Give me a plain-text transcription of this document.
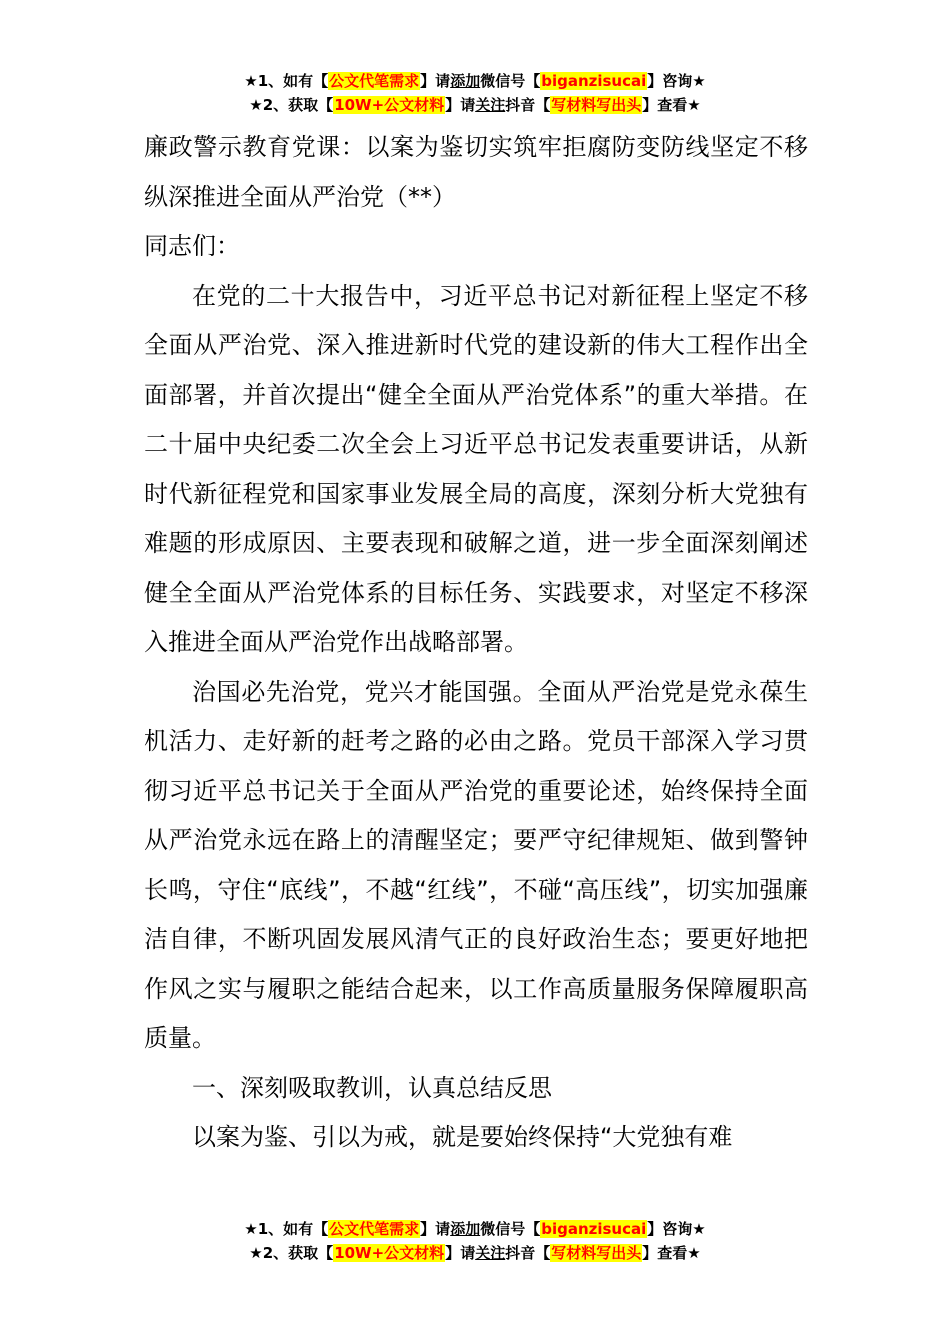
★1、如有【公文代笔需求】请添加微信号【biganzisucai】咨询★
★2、获取【10W+公文材料】请关注抖音【写材料写出头】查看★

廉政警示教育党课：以案为鉴切实筑牢拒腐防变防线坚定不移纵深推进全面从严治党（**）

同志们：

在党的二十大报告中，习近平总书记对新征程上坚定不移全面从严治党、深入推进新时代党的建设新的伟大工程作出全面部署，并首次提出“健全全面从严治党体系”的重大举措。在二十届中央纪委二次全会上习近平总书记发表重要讲话，从新时代新征程党和国家事业发展全局的高度，深刻分析大党独有难题的形成原因、主要表现和破解之道，进一步全面深刻阐述健全全面从严治党体系的目标任务、实践要求，对坚定不移深入推进全面从严治党作出战略部署。

治国必先治党，党兴才能国强。全面从严治党是党永葆生机活力、走好新的赶考之路的必由之路。党员干部深入学习贯彻习近平总书记关于全面从严治党的重要论述，始终保持全面从严治党永远在路上的清醒坚定；要严守纪律规矩、做到警钟长鸣，守住“底线”，不越“红线”，不碰“高压线”，切实加强廉洁自律，不断巩固发展风清气正的良好政治生态；要更好地把作风之实与履职之能结合起来，以工作高质量服务保障履职高质量。

一、深刻吸取教训，认真总结反思

以案为鉴、引以为戒，就是要始终保持“大党独有难

★1、如有【公文代笔需求】请添加微信号【biganzisucai】咨询★
★2、获取【10W+公文材料】请关注抖音【写材料写出头】查看★
